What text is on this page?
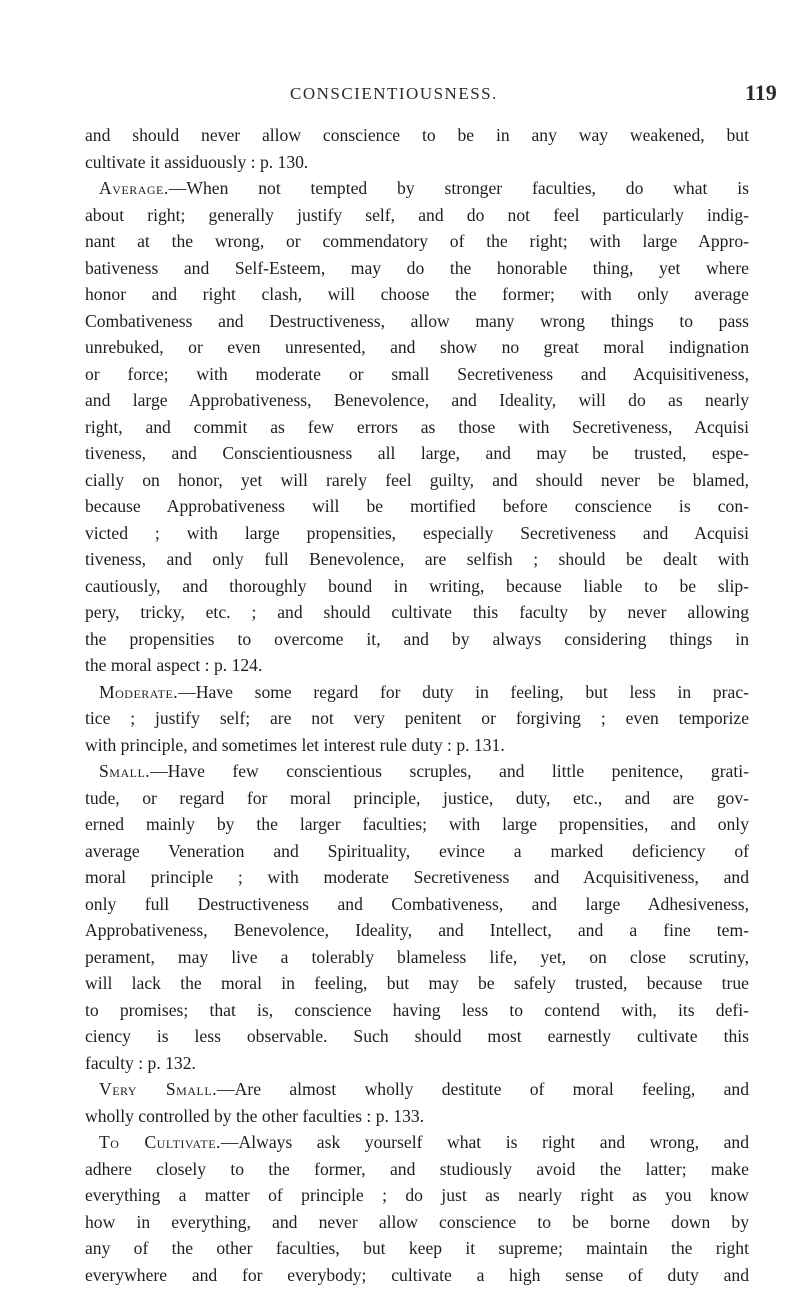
CONSCIENTIOUSNESS.	119
and should never allow conscience to be in any way weakened, but
cultivate it assiduously : p. 130.
Average.—When not tempted by stronger faculties, do what is
about right; generally justify self, and do not feel particularly indig-
nant at the wrong, or commendatory of the right; with large Appro-
bativeness and Self-Esteem, may do the honorable thing, yet where
honor and right clash, will choose the former; with only average
Combativeness and Destructiveness, allow many wrong things to pass
unrebuked, or even unresented, and show no great moral indignation
or force; with moderate or small Secretiveness and Acquisitiveness,
and large Approbativeness, Benevolence, and Ideality, will do as nearly
right, and commit as few errors as those with Secretiveness, Acquisi
tiveness, and Conscientiousness all large, and may be trusted, espe-
cially on honor, yet will rarely feel guilty, and should never be blamed,
because Approbativeness will be mortified before conscience is con-
victed ; with large propensities, especially Secretiveness and Acquisi
tiveness, and only full Benevolence, are selfish ; should be dealt with
cautiously, and thoroughly bound in writing, because liable to be slip-
pery, tricky, etc. ; and should cultivate this faculty by never allowing
the propensities to overcome it, and by always considering things in
the moral aspect : p. 124.
Moderate.—Have some regard for duty in feeling, but less in prac-
tice ; justify self; are not very penitent or forgiving ; even temporize
with principle, and sometimes let interest rule duty : p. 131.
Small.—Have few conscientious scruples, and little penitence, grati-
tude, or regard for moral principle, justice, duty, etc., and are gov-
erned mainly by the larger faculties; with large propensities, and only
average Veneration and Spirituality, evince a marked deficiency of
moral principle ; with moderate Secretiveness and Acquisitiveness, and
only full Destructiveness and Combativeness, and large Adhesiveness,
Approbativeness, Benevolence, Ideality, and Intellect, and a fine tem-
perament, may live a tolerably blameless life, yet, on close scrutiny,
will lack the moral in feeling, but may be safely trusted, because true
to promises; that is, conscience having less to contend with, its defi-
ciency is less observable. Such should most earnestly cultivate this
faculty : p. 132.
Very Small.—Are almost wholly destitute of moral feeling, and
wholly controlled by the other faculties : p. 133.
To Cultivate.—Always ask yourself what is right and wrong, and
adhere closely to the former, and studiously avoid the latter; make
everything a matter of principle ; do just as nearly right as you know
how in everything, and never allow conscience to be borne down by
any of the other faculties, but keep it supreme; maintain the right
everywhere and for everybody; cultivate a high sense of duty and
